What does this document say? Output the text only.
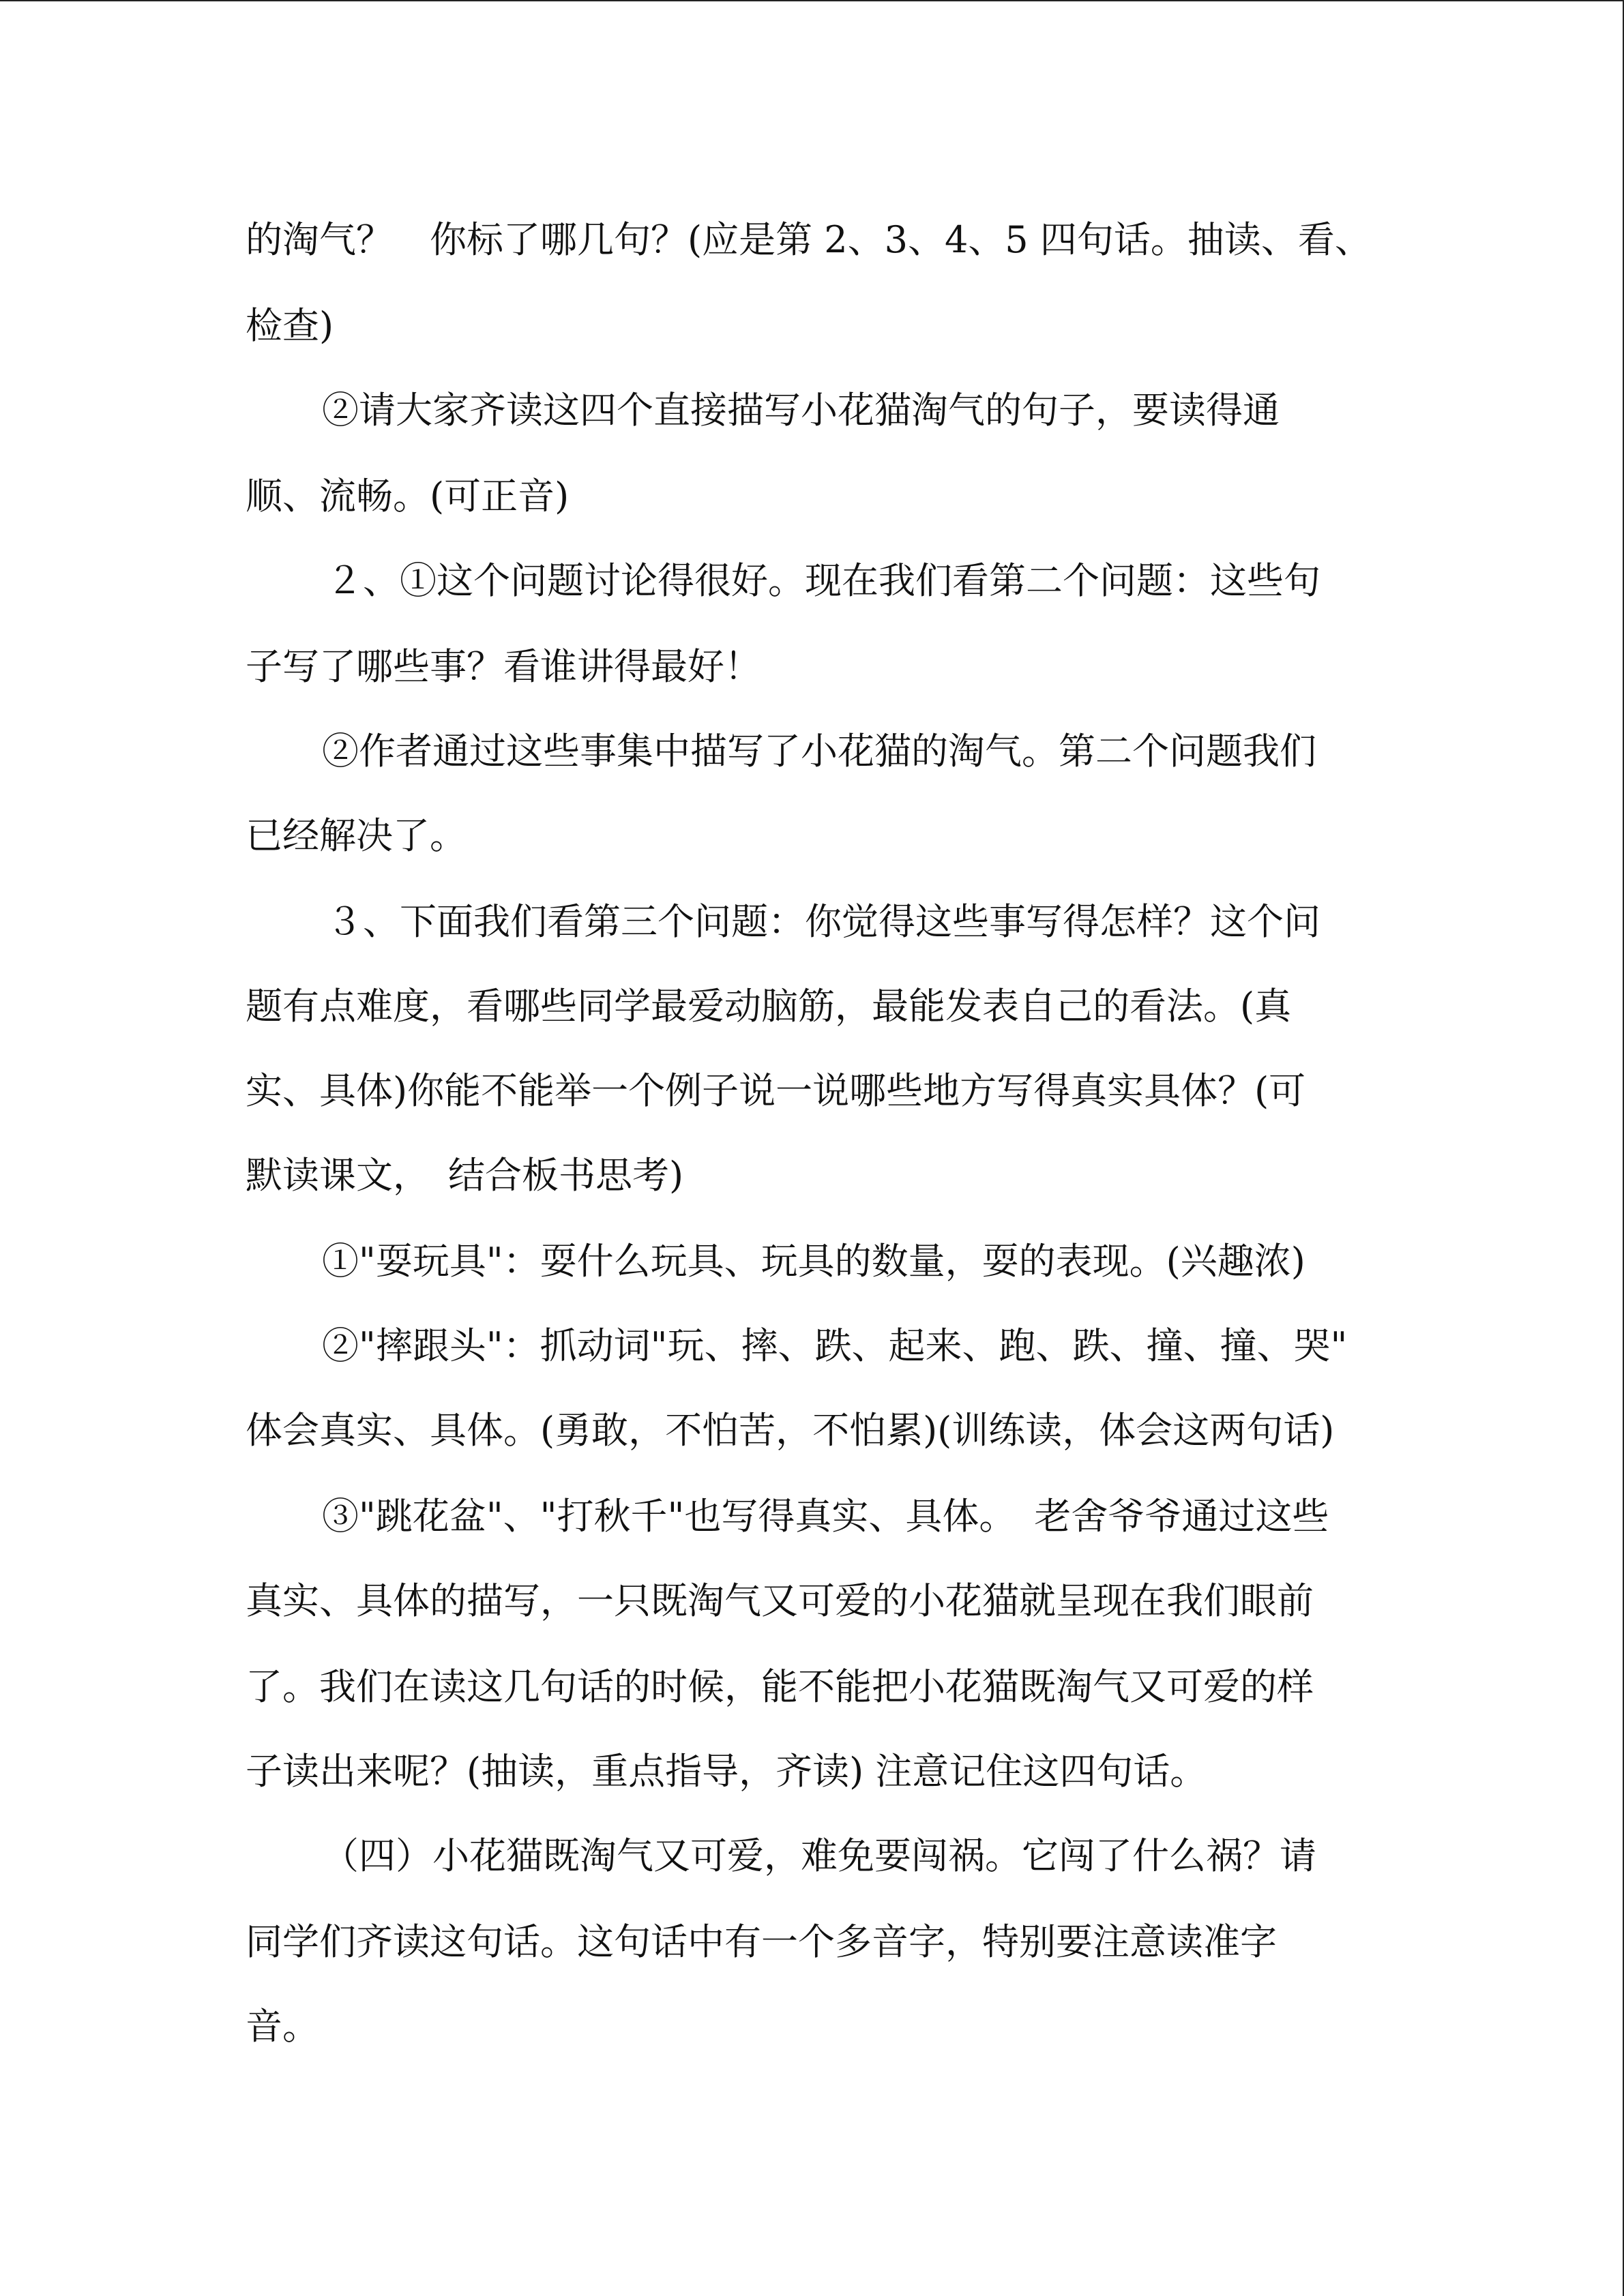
的淘气？　你标了哪几句？(应是第 2、3、4、5 四句话。抽读、看、

检查)

②请大家齐读这四个直接描写小花猫淘气的句子，要读得通

顺、流畅。(可正音)

２、①这个问题讨论得很好。现在我们看第二个问题：这些句

子写了哪些事？看谁讲得最好！

②作者通过这些事集中描写了小花猫的淘气。第二个问题我们

已经解决了。

３、下面我们看第三个问题：你觉得这些事写得怎样？这个问

题有点难度，看哪些同学最爱动脑筋，最能发表自己的看法。(真

实、具体)你能不能举一个例子说一说哪些地方写得真实具体？(可

默读课文，　结合板书思考)

①"耍玩具"：耍什么玩具、玩具的数量，耍的表现。(兴趣浓)

②"摔跟头"：抓动词"玩、摔、跌、起来、跑、跌、撞、撞、哭"

体会真实、具体。(勇敢，不怕苦，不怕累)(训练读，体会这两句话)

③"跳花盆"、"打秋千"也写得真实、具体。　老舍爷爷通过这些

真实、具体的描写，一只既淘气又可爱的小花猫就呈现在我们眼前

了。我们在读这几句话的时候，能不能把小花猫既淘气又可爱的样

子读出来呢？(抽读，重点指导，齐读) 注意记住这四句话。

（四）小花猫既淘气又可爱，难免要闯祸。它闯了什么祸？请

同学们齐读这句话。这句话中有一个多音字，特别要注意读准字

音。
